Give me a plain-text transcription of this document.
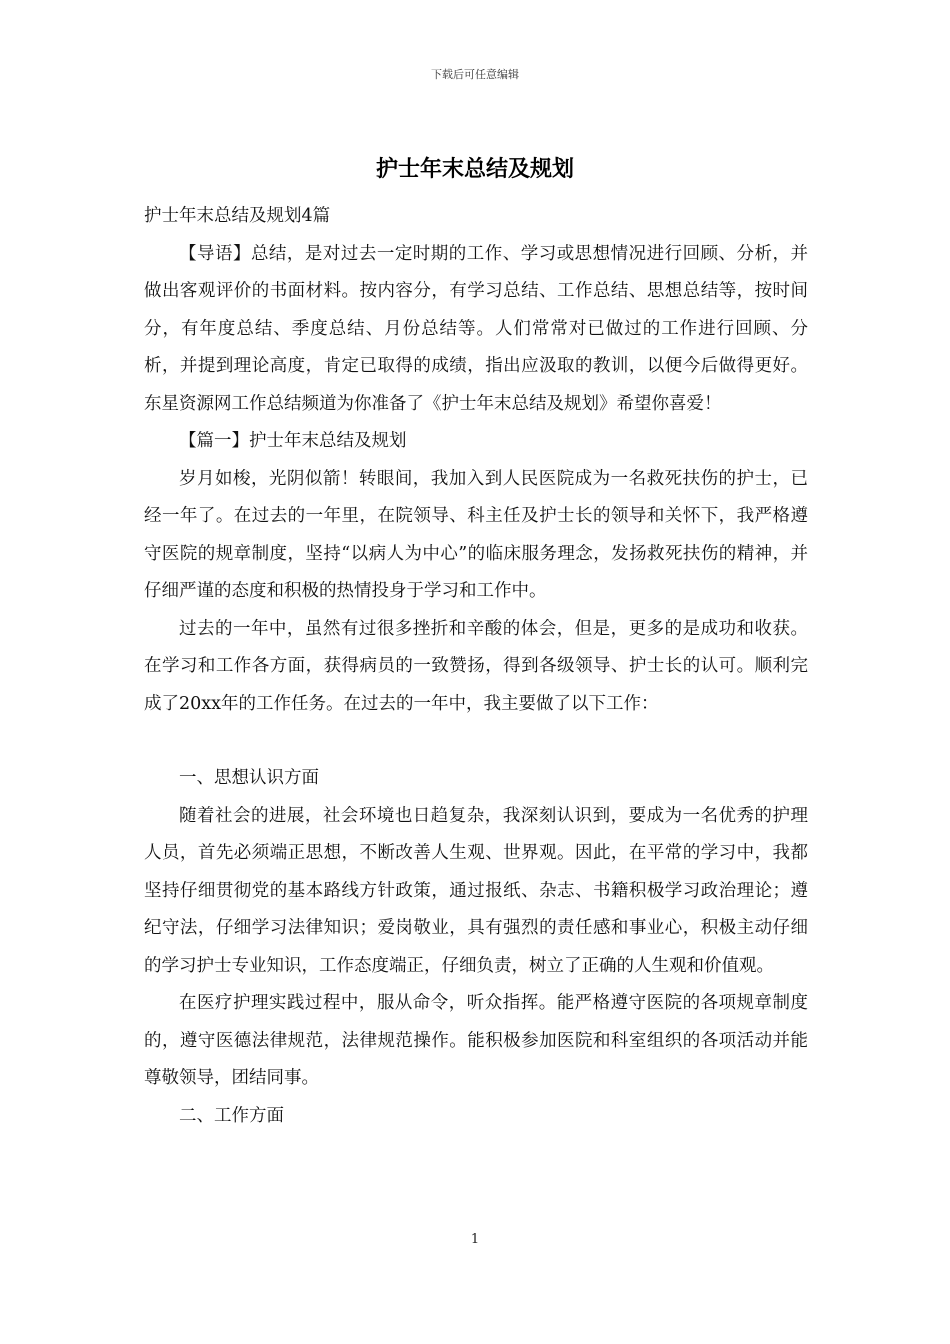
下载后可任意编辑
护士年末总结及规划

护士年末总结及规划4篇

【导语】总结，是对过去一定时期的工作、学习或思想情况进行回顾、分析，并做出客观评价的书面材料。按内容分，有学习总结、工作总结、思想总结等，按时间分，有年度总结、季度总结、月份总结等。人们常常对已做过的工作进行回顾、分析，并提到理论高度，肯定已取得的成绩，指出应汲取的教训，以便今后做得更好。东星资源网工作总结频道为你准备了《护士年末总结及规划》希望你喜爱！

【篇一】护士年末总结及规划

岁月如梭，光阴似箭！转眼间，我加入到人民医院成为一名救死扶伤的护士，已经一年了。在过去的一年里，在院领导、科主任及护士长的领导和关怀下，我严格遵守医院的规章制度，坚持“以病人为中心”的临床服务理念，发扬救死扶伤的精神，并仔细严谨的态度和积极的热情投身于学习和工作中。

过去的一年中，虽然有过很多挫折和辛酸的体会，但是，更多的是成功和收获。在学习和工作各方面，获得病员的一致赞扬，得到各级领导、护士长的认可。顺利完成了20xx年的工作任务。在过去的一年中，我主要做了以下工作：

一、思想认识方面

随着社会的进展，社会环境也日趋复杂，我深刻认识到，要成为一名优秀的护理人员，首先必须端正思想，不断改善人生观、世界观。因此，在平常的学习中，我都坚持仔细贯彻党的基本路线方针政策，通过报纸、杂志、书籍积极学习政治理论；遵纪守法，仔细学习法律知识；爱岗敬业，具有强烈的责任感和事业心，积极主动仔细的学习护士专业知识，工作态度端正，仔细负责，树立了正确的人生观和价值观。

在医疗护理实践过程中，服从命令，听众指挥。能严格遵守医院的各项规章制度的，遵守医德法律规范，法律规范操作。能积极参加医院和科室组织的各项活动并能尊敬领导，团结同事。

二、工作方面

1
